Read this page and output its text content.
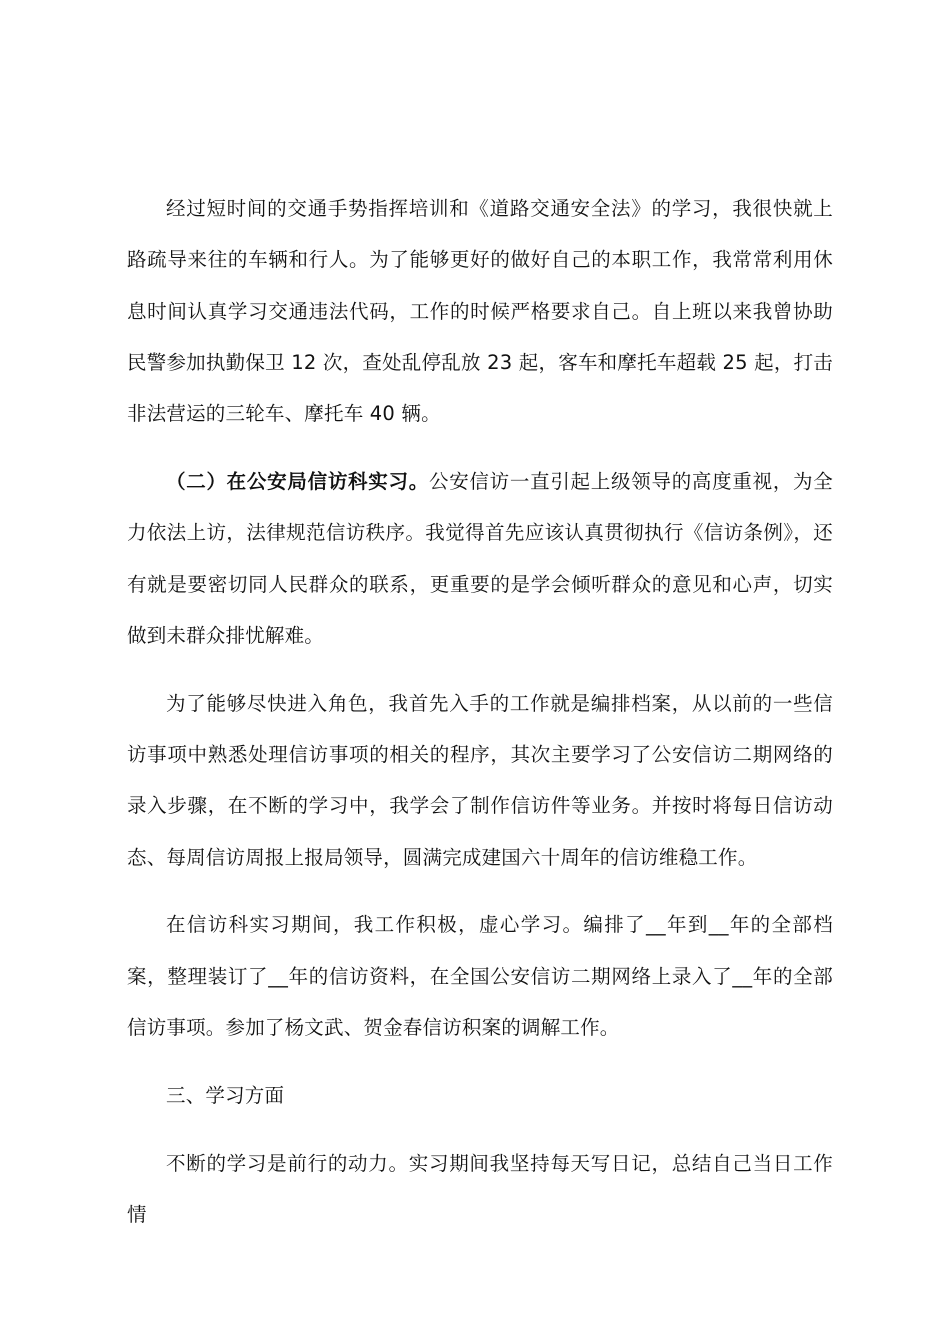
经过短时间的交通手势指挥培训和《道路交通安全法》的学习，我很快就上路疏导来往的车辆和行人。为了能够更好的做好自己的本职工作，我常常利用休息时间认真学习交通违法代码，工作的时候严格要求自己。自上班以来我曾协助民警参加执勤保卫 12 次，查处乱停乱放 23 起，客车和摩托车超载 25 起，打击非法营运的三轮车、摩托车 40 辆。

（二）在公安局信访科实习。公安信访一直引起上级领导的高度重视，为全力依法上访，法律规范信访秩序。我觉得首先应该认真贯彻执行《信访条例》，还有就是要密切同人民群众的联系，更重要的是学会倾听群众的意见和心声，切实做到未群众排忧解难。

为了能够尽快进入角色，我首先入手的工作就是编排档案，从以前的一些信访事项中熟悉处理信访事项的相关的程序，其次主要学习了公安信访二期网络的录入步骤，在不断的学习中，我学会了制作信访件等业务。并按时将每日信访动态、每周信访周报上报局领导，圆满完成建国六十周年的信访维稳工作。

在信访科实习期间，我工作积极，虚心学习。编排了__年到__年的全部档案，整理装订了__年的信访资料，在全国公安信访二期网络上录入了__年的全部信访事项。参加了杨文武、贺金春信访积案的调解工作。

三、学习方面

不断的学习是前行的动力。实习期间我坚持每天写日记，总结自己当日工作情
